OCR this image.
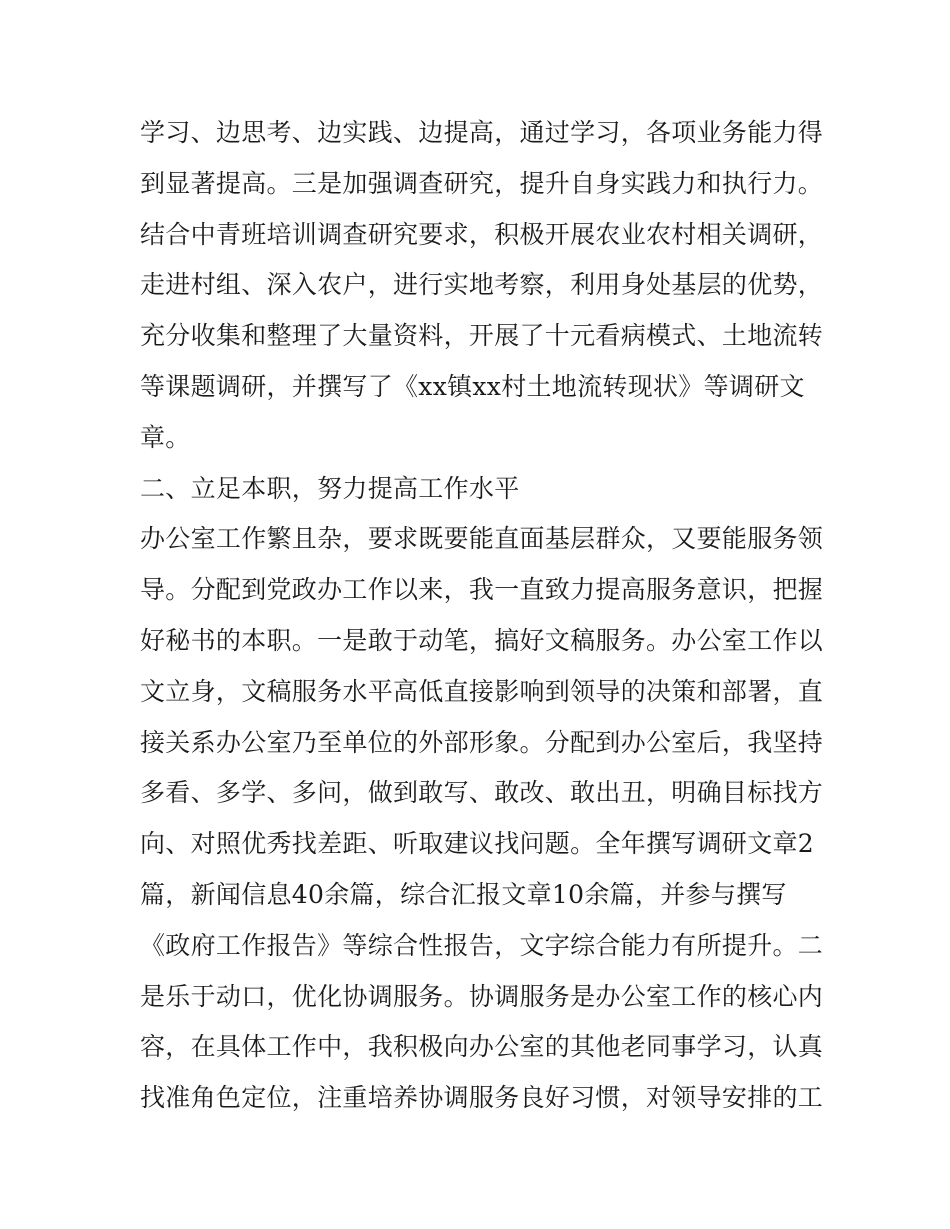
学习、边思考、边实践、边提高，通过学习，各项业务能力得
到显著提高。三是加强调查研究，提升自身实践力和执行力。
结合中青班培训调查研究要求，积极开展农业农村相关调研，
走进村组、深入农户，进行实地考察，利用身处基层的优势，
充分收集和整理了大量资料，开展了十元看病模式、土地流转
等课题调研，并撰写了《xx镇xx村土地流转现状》等调研文
章。
二、立足本职，努力提高工作水平
办公室工作繁且杂，要求既要能直面基层群众，又要能服务领
导。分配到党政办工作以来，我一直致力提高服务意识，把握
好秘书的本职。一是敢于动笔，搞好文稿服务。办公室工作以
文立身，文稿服务水平高低直接影响到领导的决策和部署，直
接关系办公室乃至单位的外部形象。分配到办公室后，我坚持
多看、多学、多问，做到敢写、敢改、敢出丑，明确目标找方
向、对照优秀找差距、听取建议找问题。全年撰写调研文章2
篇，新闻信息40余篇，综合汇报文章10余篇，并参与撰写
《政府工作报告》等综合性报告，文字综合能力有所提升。二
是乐于动口，优化协调服务。协调服务是办公室工作的核心内
容，在具体工作中，我积极向办公室的其他老同事学习，认真
找准角色定位，注重培养协调服务良好习惯，对领导安排的工
